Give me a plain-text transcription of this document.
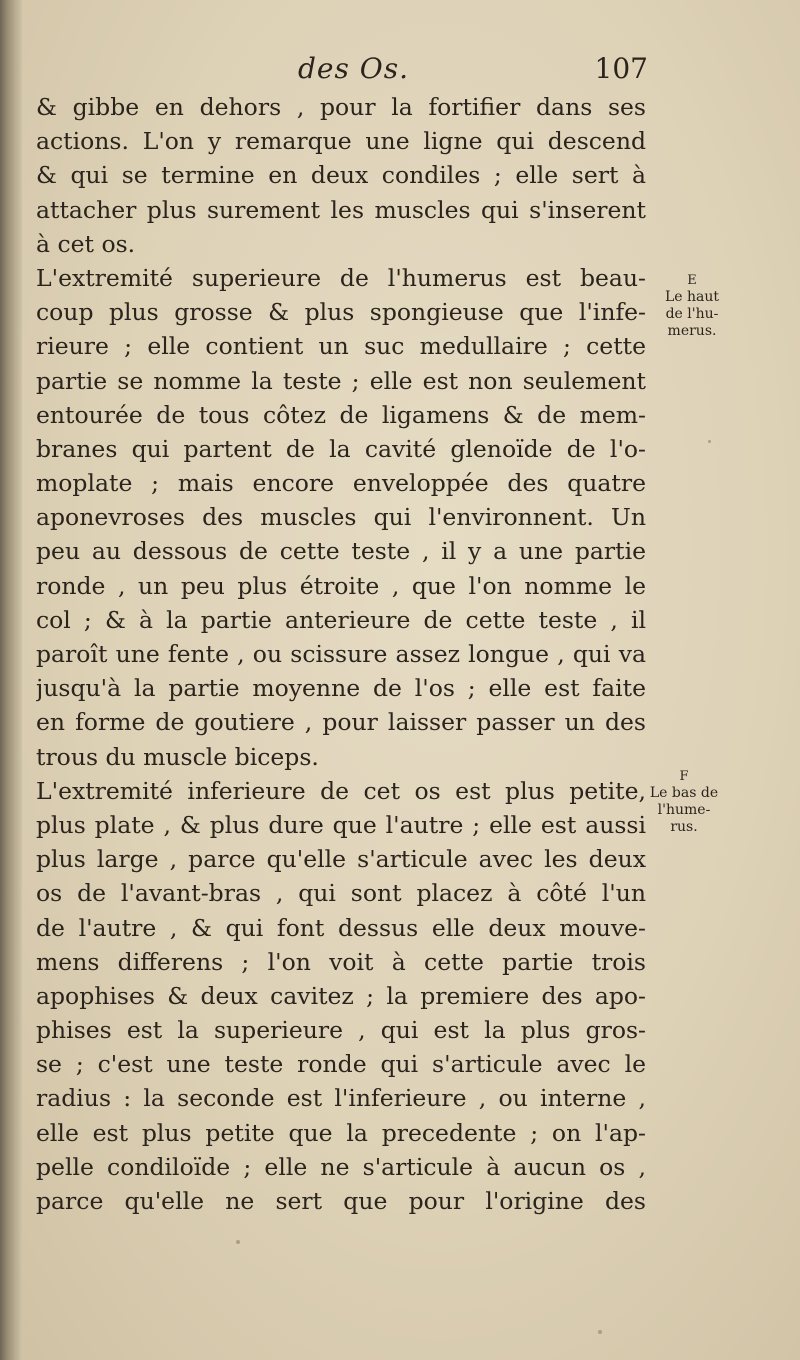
des Os.	107
& gibbe en dehors , pour la fortifier dans ses
actions. L'on y remarque une ligne qui descend
& qui se termine en deux condiles ; elle sert à
attacher plus surement les muscles qui s'inserent
à cet os.
L'extremité superieure de l'humerus est beau-
coup plus grosse & plus spongieuse que l'infe-
rieure ; elle contient un suc medullaire ; cette
partie se nomme la teste ; elle est non seulement
entourée de tous côtez de ligamens & de mem-
branes qui partent de la cavité glenoïde de l'o-
moplate ; mais encore enveloppée des quatre
aponevroses des muscles qui l'environnent. Un
peu au dessous de cette teste , il y a une partie
ronde , un peu plus étroite , que l'on nomme le
col ; & à la partie anterieure de cette teste , il
paroît une fente , ou scissure assez longue , qui va
jusqu'à la partie moyenne de l'os ; elle est faite
en forme de goutiere , pour laisser passer un des
trous du muscle biceps.
L'extremité inferieure de cet os est plus petite,
plus plate , & plus dure que l'autre ; elle est aussi
plus large , parce qu'elle s'articule avec les deux
os de l'avant-bras , qui sont placez à côté l'un
de l'autre , & qui font dessus elle deux mouve-
mens differens ; l'on voit à cette partie trois
apophises & deux cavitez ; la premiere des apo-
phises est la superieure , qui est la plus gros-
se ; c'est une teste ronde qui s'articule avec le
radius : la seconde est l'inferieure , ou interne ,
elle est plus petite que la precedente ; on l'ap-
pelle condiloïde ; elle ne s'articule à aucun os ,
parce qu'elle ne sert que pour l'origine des
E
Le haut
de l'hu-
merus.
F
Le bas de
l'hume-
rus.
